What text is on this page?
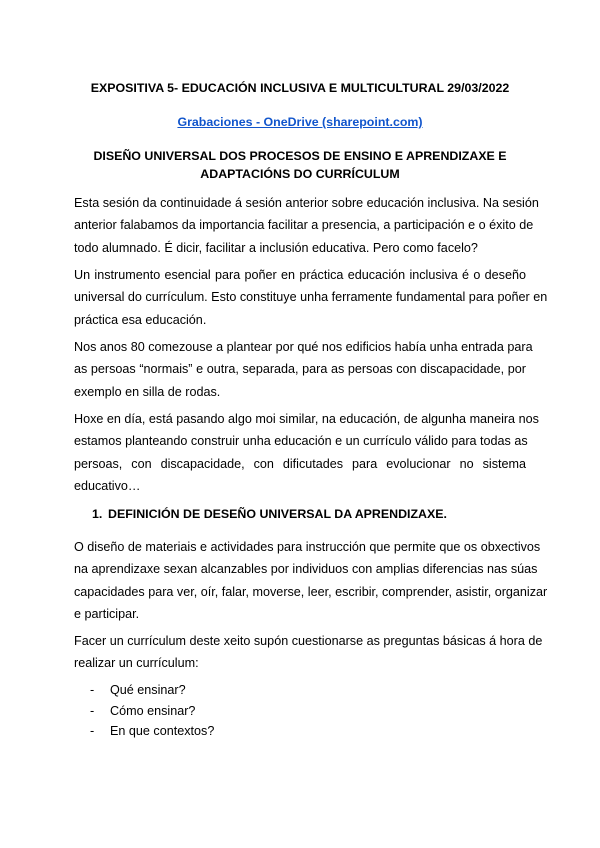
EXPOSITIVA 5- EDUCACIÓN INCLUSIVA E MULTICULTURAL 29/03/2022
Grabaciones - OneDrive (sharepoint.com)
DISEÑO UNIVERSAL DOS PROCESOS DE ENSINO E APRENDIZAXE E
ADAPTACIÓNS DO CURRÍCULUM
Esta sesión da continuidade á sesión anterior sobre educación inclusiva. Na sesión
anterior falabamos da importancia facilitar a presencia, a participación e o éxito de
todo alumnado. É dicir, facilitar a inclusión educativa. Pero como facelo?
Un instrumento esencial para poñer en práctica educación inclusiva é o deseño
universal do currículum. Esto constituye unha ferramente fundamental para poñer en
práctica esa educación.
Nos anos 80 comezouse a plantear por qué nos edificios había unha entrada para
as persoas “normais” e outra, separada, para as persoas con discapacidade, por
exemplo en silla de rodas.
Hoxe en día, está pasando algo moi similar, na educación, de algunha maneira nos
estamos planteando construir unha educación e un currículo válido para todas as
persoas, con discapacidade, con dificutades para evolucionar no sistema
educativo…
1. DEFINICIÓN DE DESEÑO UNIVERSAL DA APRENDIZAXE.
O diseño de materiais e actividades para instrucción que permite que os obxectivos
na aprendizaxe sexan alcanzables por individuos con amplias diferencias nas súas
capacidades para ver, oír, falar, moverse, leer, escribir, comprender, asistir, organizar
e participar.
Facer un currículum deste xeito supón cuestionarse as preguntas básicas á hora de
realizar un currículum:
- Qué ensinar?
- Cómo ensinar?
- En que contextos?
